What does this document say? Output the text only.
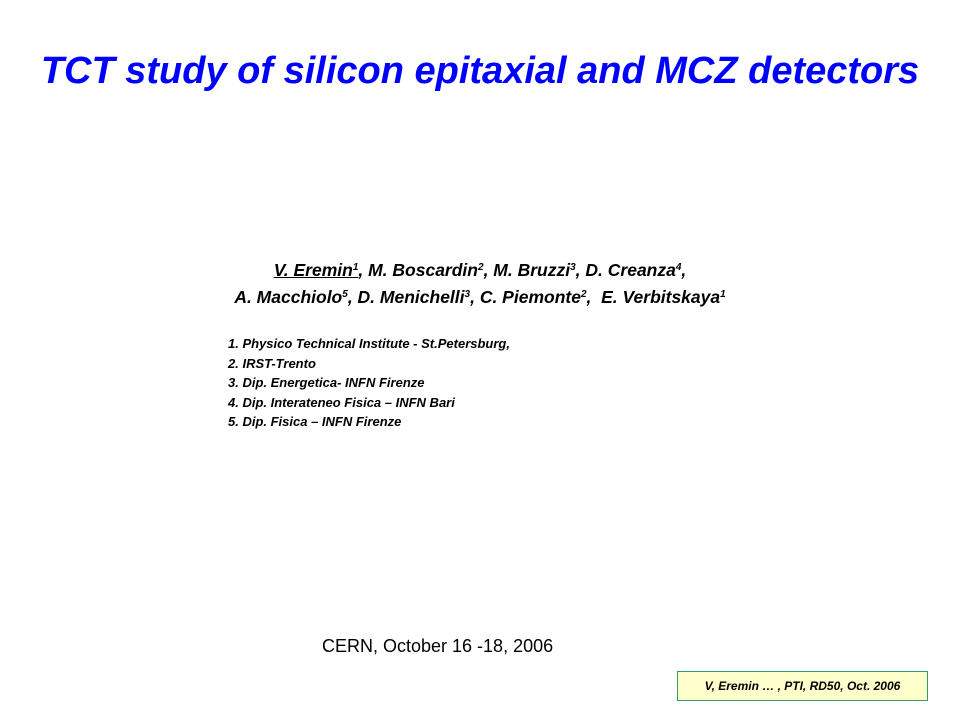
TCT study of silicon epitaxial and MCZ detectors
V. Eremin$^1$, M. Boscardin$^2$, M. Bruzzi$^3$, D. Creanza$^4$,
A. Macchiolo$^5$, D. Menichelli$^3$, C. Piemonte$^2$,  E. Verbitskaya$^1$
1. Physico Technical Institute - St.Petersburg,
2. IRST-Trento
3. Dip. Energetica- INFN Firenze
4. Dip. Interateneo Fisica – INFN Bari
5. Dip. Fisica – INFN Firenze
CERN, October 16 -18, 2006
V, Eremin … , PTI, RD50, Oct. 2006
